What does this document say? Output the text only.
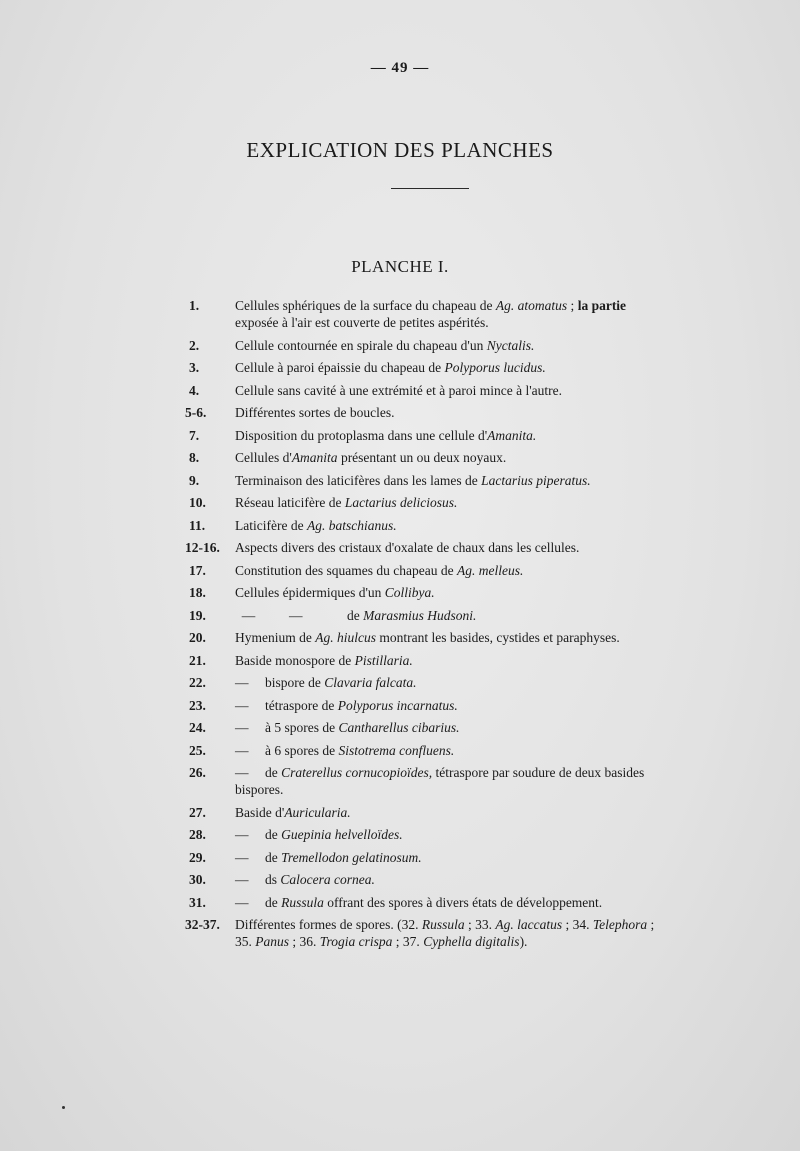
— 49 —
EXPLICATION DES PLANCHES
PLANCHE I.
1.	Cellules sphériques de la surface du chapeau de Ag. atomatus ; la partie
exposée à l'air est couverte de petites aspérités.
2.	Cellule contournée en spirale du chapeau d'un Nyctalis.
3.	Cellule à paroi épaissie du chapeau de Polyporus lucidus.
4.	Cellule sans cavité à une extrémité et à paroi mince à l'autre.
5-6. Différentes sortes de boucles.
7.	Disposition du protoplasma dans une cellule d'Amanita.
8.	Cellules d'Amanita présentant un ou deux noyaux.
9.	Terminaison des laticifères dans les lames de Lactarius piperatus.
10. Réseau laticifère de Lactarius deliciosus.
11. Laticifère de Ag. batschianus.
12-16. Aspects divers des cristaux d'oxalate de chaux dans les cellules.
17. Constitution des squames du chapeau de Ag. melleus.
18. Cellules épidermiques d'un Collibya.
19. —          —	de Marasmius Hudsoni.
20. Hymenium de Ag. hiulcus montrant les basides, cystides et paraphyses.
21. Baside monospore de Pistillaria.
22. — bispore de Clavaria falcata.
23. — tétraspore de Polyporus incarnatus.
24. — à 5 spores de Cantharellus cibarius.
25. — à 6 spores de Sistotrema confluens.
26. — de Craterellus cornucopioïdes, tétraspore par soudure de deux basides
bispores.
27. Baside d'Auricularia.
28. — de Guepinia helvelloïdes.
29. — de Tremellodon gelatinosum.
30. — ds Calocera cornea.
31. — de Russula offrant des spores à divers états de développement.
32-37. Différentes formes de spores. (32. Russula ; 33. Ag. laccatus ; 34. Telephora ;
35. Panus ; 36. Trogia crispa ; 37. Cyphella digitalis).
